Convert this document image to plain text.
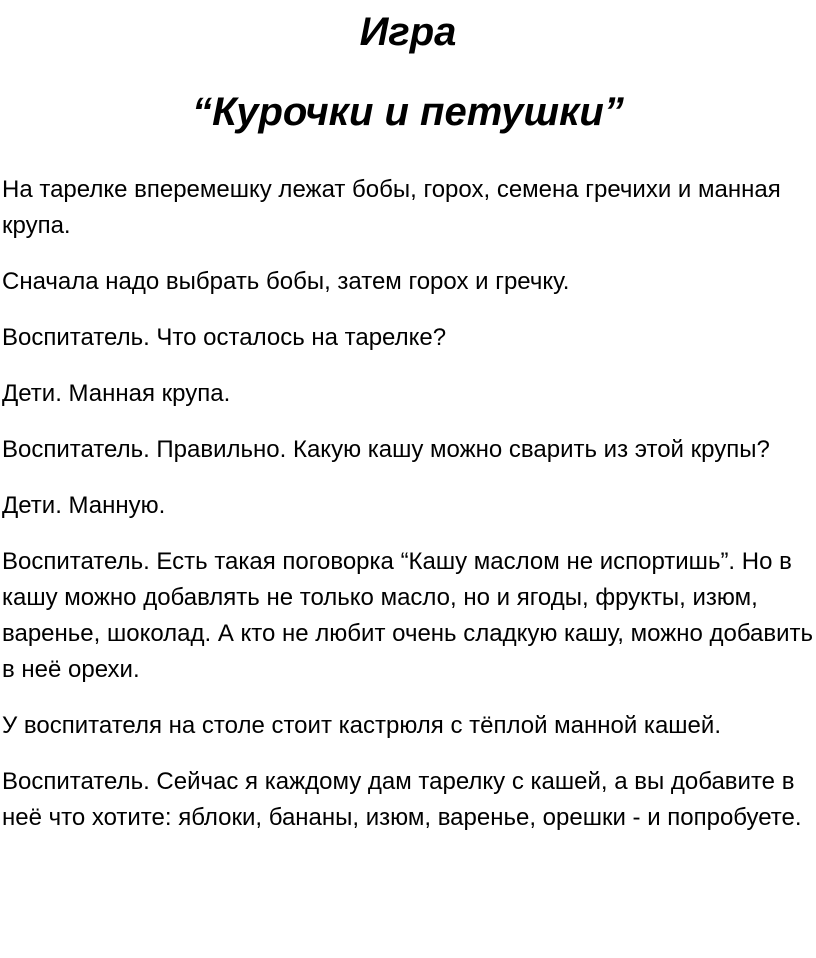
Игра
“Курочки и петушки”

На тарелке вперемешку лежат бобы, горох, семена гречихи и манная крупа.

Сначала надо выбрать бобы, затем горох и гречку.

Воспитатель. Что осталось на тарелке?

Дети. Манная крупа.

Воспитатель. Правильно. Какую кашу можно сварить из этой крупы?

Дети. Манную.

Воспитатель. Есть такая поговорка “Кашу маслом не испортишь”. Но в кашу можно добавлять не только масло, но и ягоды, фрукты, изюм, варенье, шоколад. А кто не любит очень сладкую кашу, можно добавить в неё орехи.

У воспитателя на столе стоит кастрюля с тёплой манной кашей.

Воспитатель. Сейчас я каждому дам тарелку с кашей, а вы добавите в неё что хотите: яблоки, бананы, изюм, варенье, орешки - и попробуете.
